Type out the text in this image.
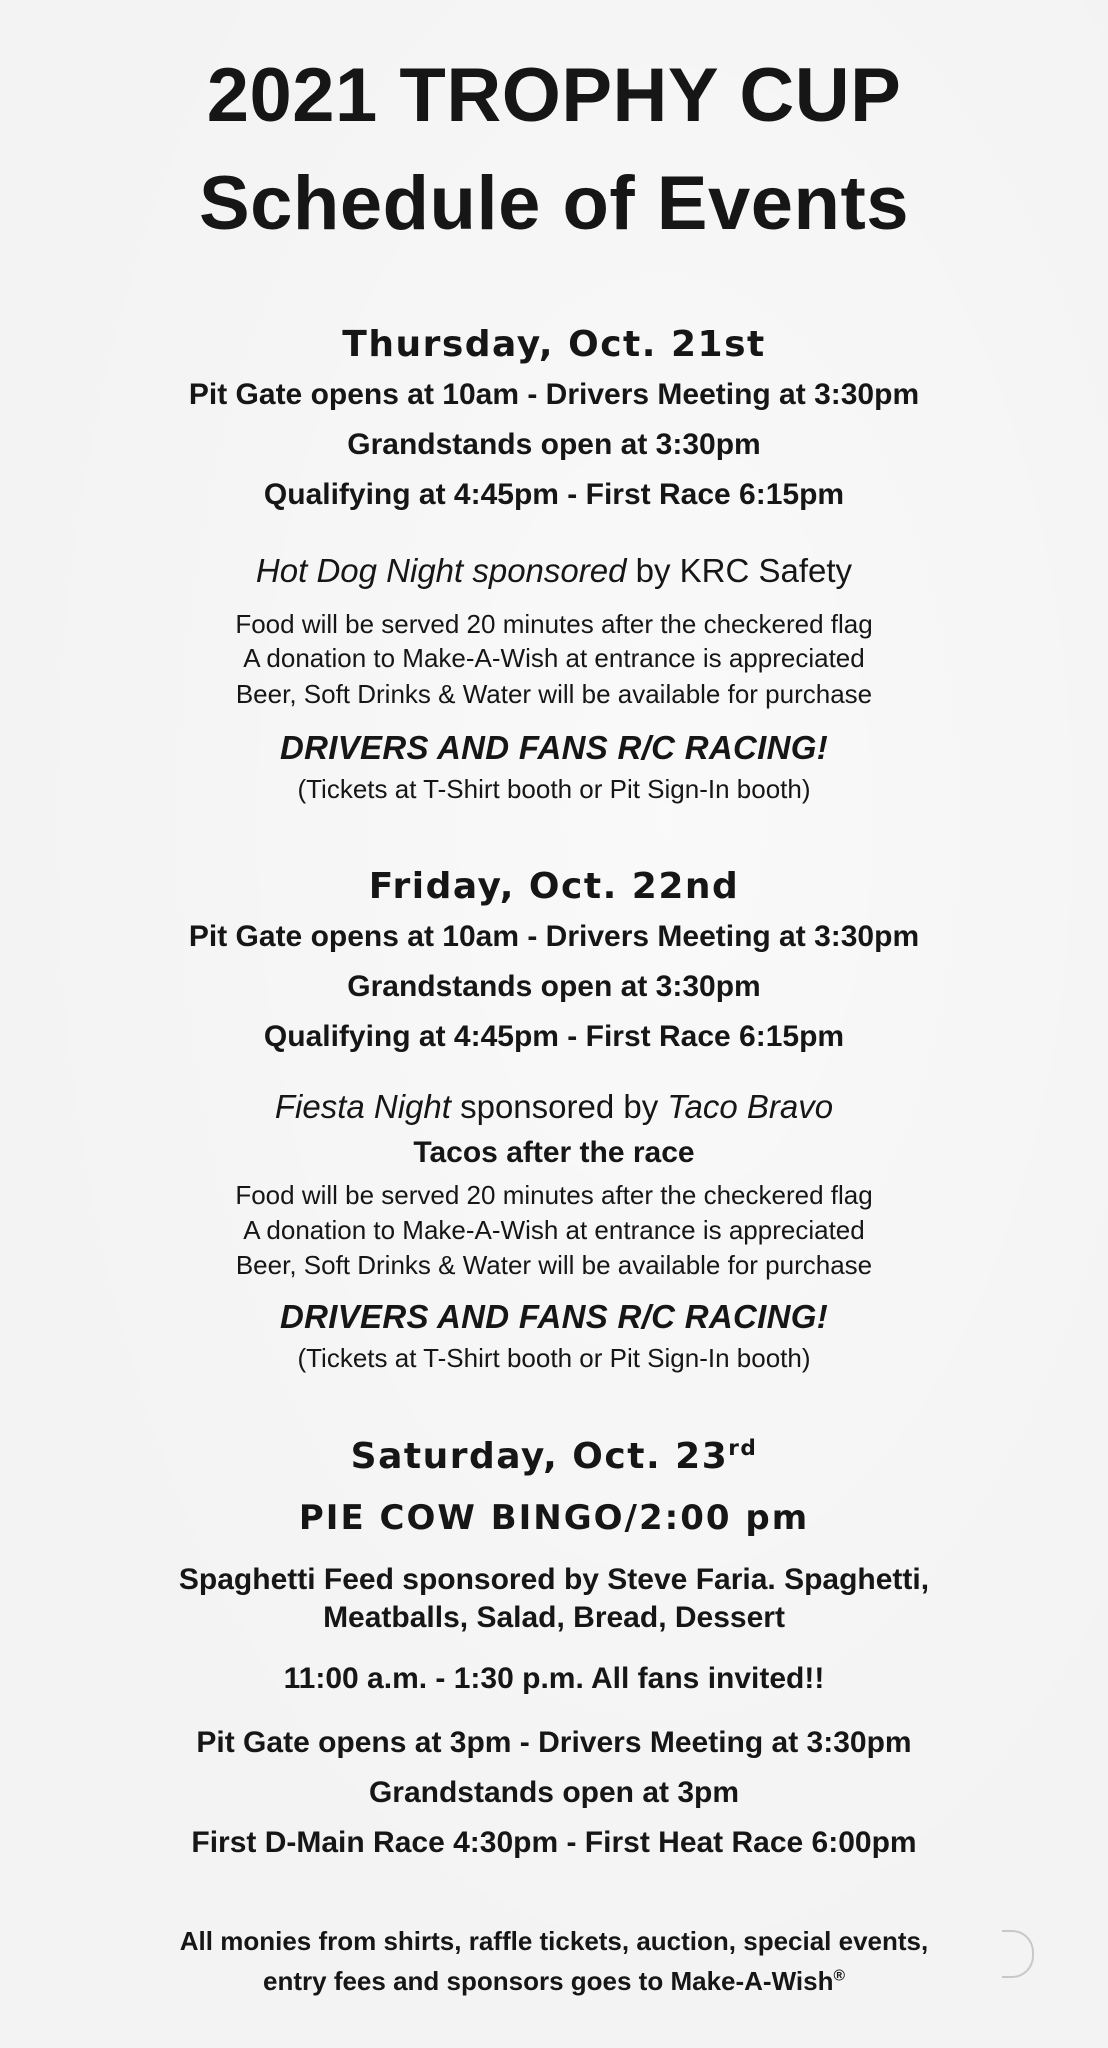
2021 TROPHY CUP
Schedule of Events
Thursday, Oct. 21st
Pit Gate opens at 10am - Drivers Meeting at 3:30pm
Grandstands open at 3:30pm
Qualifying at 4:45pm - First Race 6:15pm
Hot Dog Night sponsored by KRC Safety
Food will be served 20 minutes after the checkered flag
A donation to Make-A-Wish at entrance is appreciated
Beer, Soft Drinks & Water will be available for purchase
DRIVERS AND FANS R/C RACING!
(Tickets at T-Shirt booth or Pit Sign-In booth)
Friday, Oct. 22nd
Pit Gate opens at 10am - Drivers Meeting at 3:30pm
Grandstands open at 3:30pm
Qualifying at 4:45pm - First Race 6:15pm
Fiesta Night sponsored by Taco Bravo
Tacos after the race
Food will be served 20 minutes after the checkered flag
A donation to Make-A-Wish at entrance is appreciated
Beer, Soft Drinks & Water will be available for purchase
DRIVERS AND FANS R/C RACING!
(Tickets at T-Shirt booth or Pit Sign-In booth)
Saturday, Oct. 23rd
PIE COW BINGO/2:00 pm
Spaghetti Feed sponsored by Steve Faria. Spaghetti,
Meatballs, Salad, Bread, Dessert
11:00 a.m. - 1:30 p.m. All fans invited!!
Pit Gate opens at 3pm - Drivers Meeting at 3:30pm
Grandstands open at 3pm
First D-Main Race 4:30pm - First Heat Race 6:00pm
All monies from shirts, raffle tickets, auction, special events,
entry fees and sponsors goes to Make-A-Wish®
